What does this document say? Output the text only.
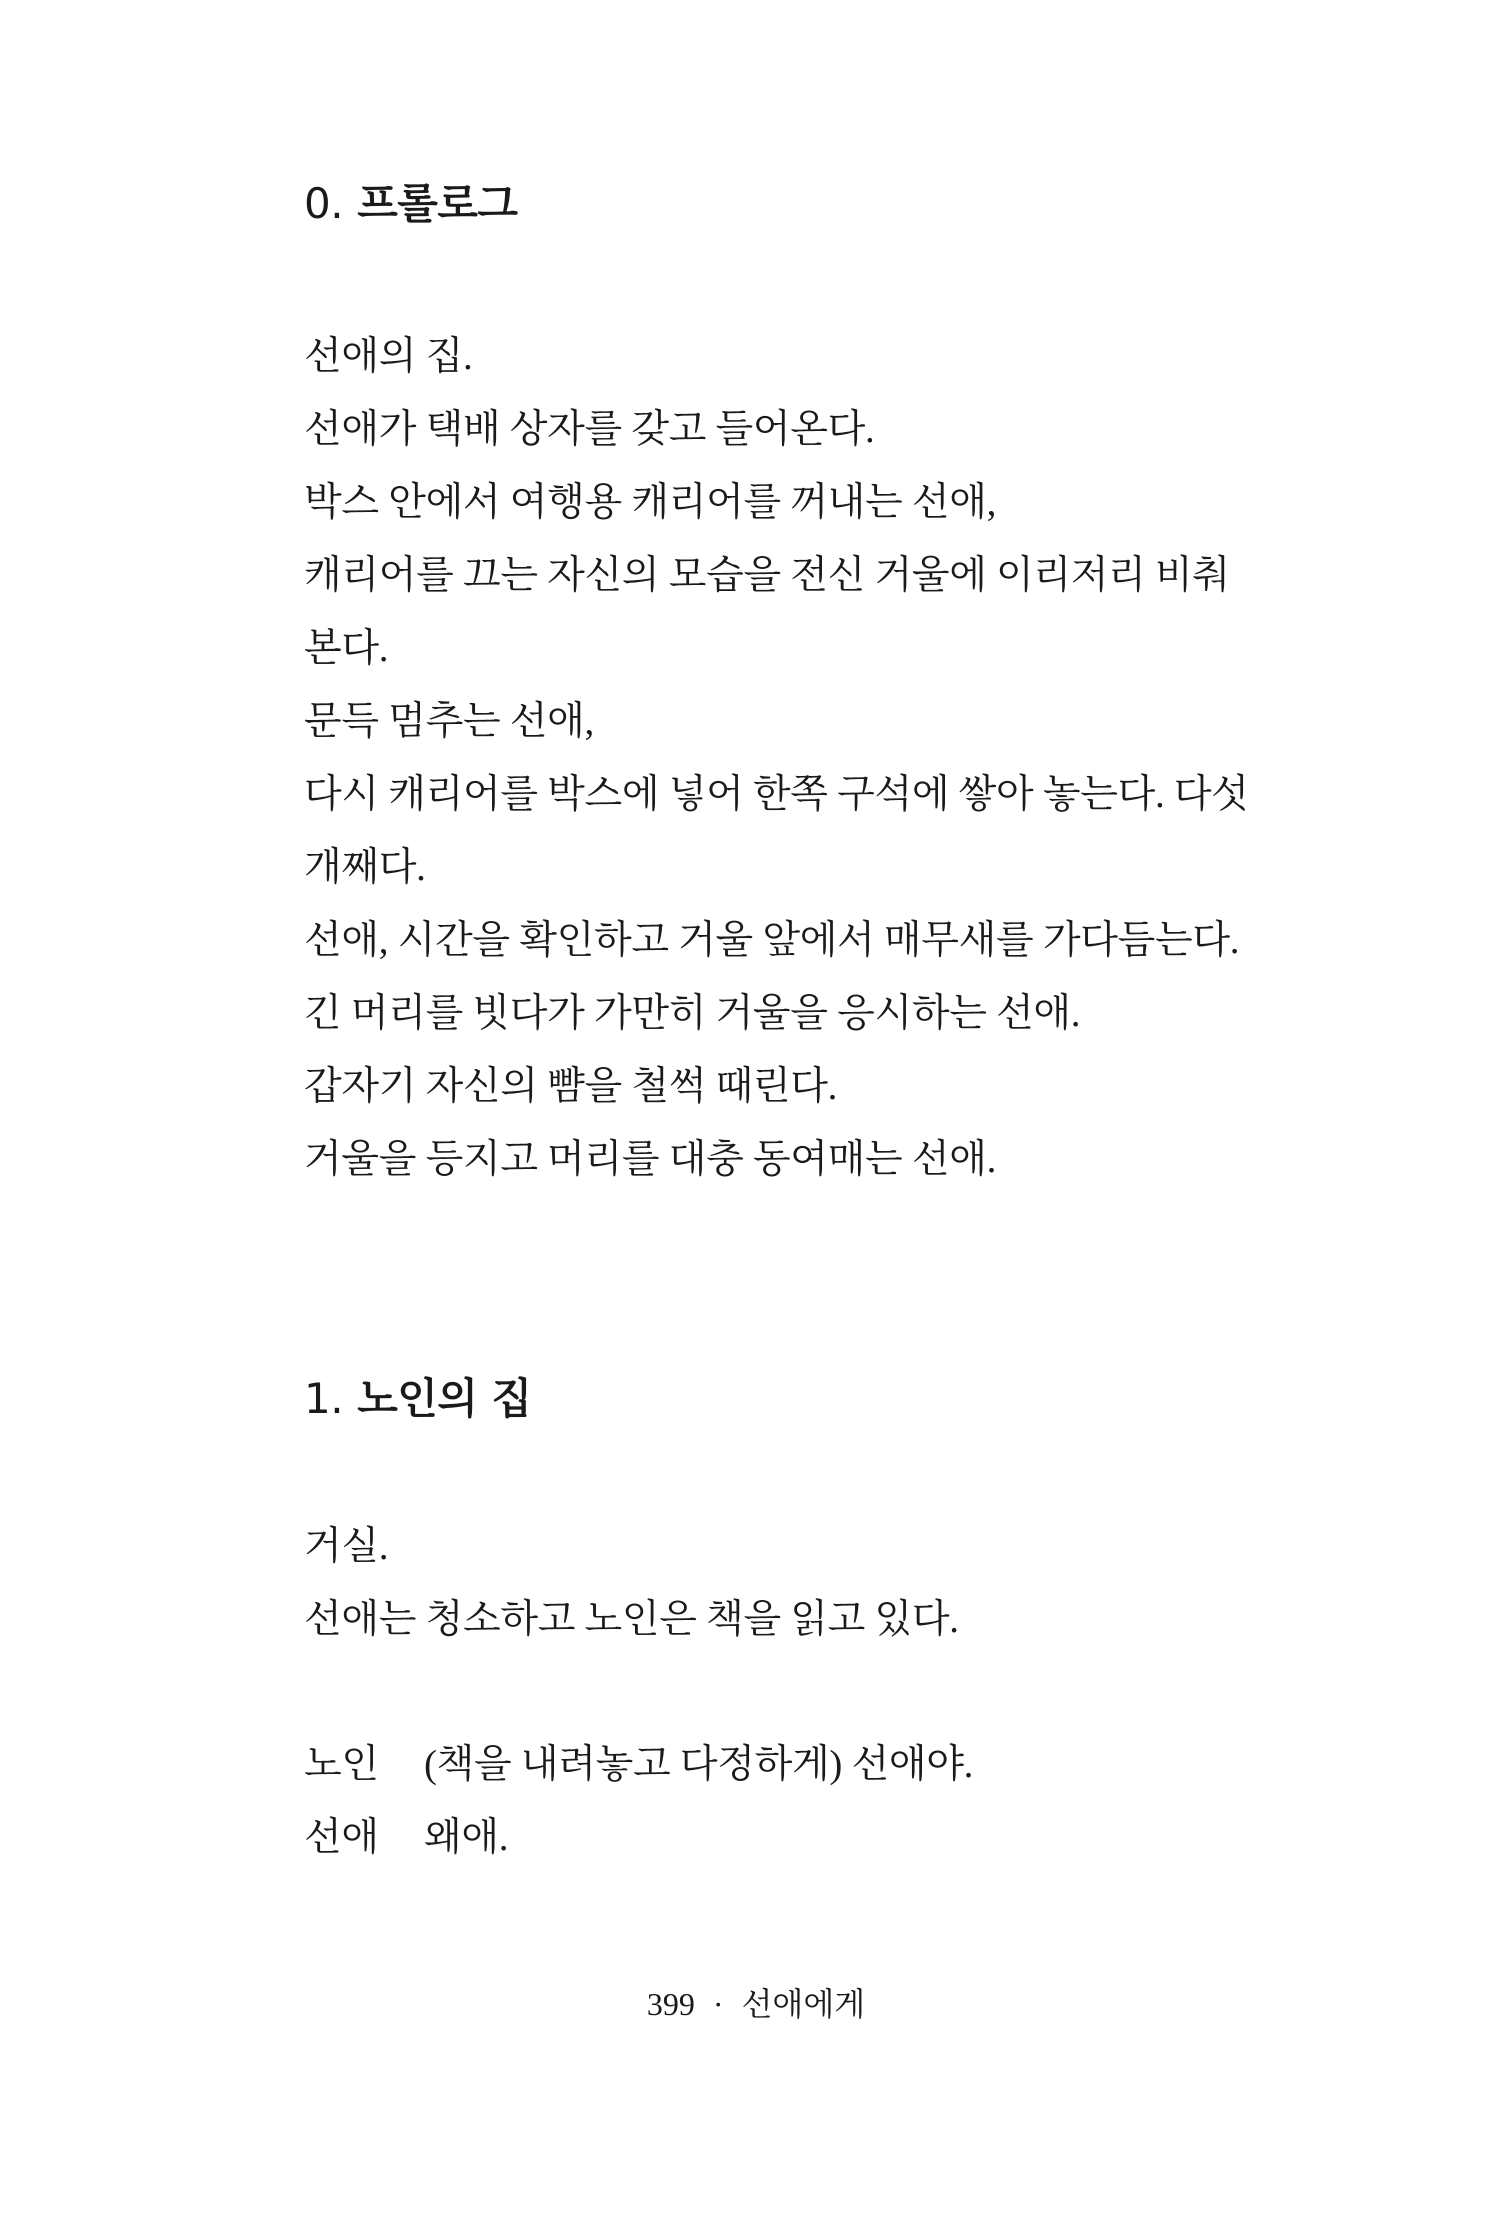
0. 프롤로그
선애의 집.
선애가 택배 상자를 갖고 들어온다.
박스 안에서 여행용 캐리어를 꺼내는 선애,
캐리어를 끄는 자신의 모습을 전신 거울에 이리저리 비춰 본다.
문득 멈추는 선애,
다시 캐리어를 박스에 넣어 한쪽 구석에 쌓아 놓는다. 다섯 개째다.
선애, 시간을 확인하고 거울 앞에서 매무새를 가다듬는다.
긴 머리를 빗다가 가만히 거울을 응시하는 선애.
갑자기 자신의 뺨을 철썩 때린다.
거울을 등지고 머리를 대충 동여매는 선애.
1. 노인의 집
거실.
선애는 청소하고 노인은 책을 읽고 있다.
노인	(책을 내려놓고 다정하게) 선애야.
선애	왜애.
399 · 선애에게
